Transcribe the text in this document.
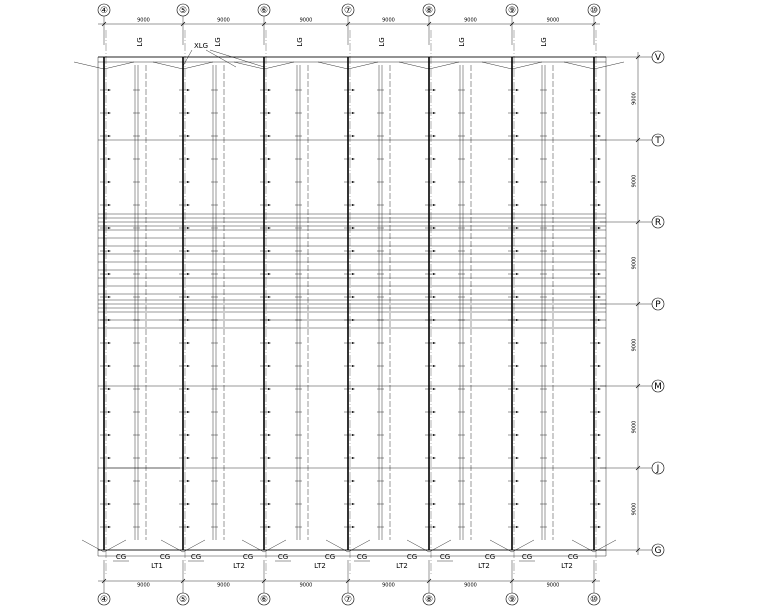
④	⑤	⑥	⑦	⑧	⑨	⑩
④	⑤	⑥	⑦	⑧	⑨	⑩
V
T
R
P
M
J
G
9000	9000	9000	9000	9000	9000
9000	9000	9000	9000	9000	9000
9000
9000
9000
9000
9000
9000
LG	LG	LG	LG	LG	LG
XLG
CG	CG	CG	CG	CG	CG
CG	CG	CG	CG	CG	CG
LT1	LT2	LT2	LT2	LT2	LT2
